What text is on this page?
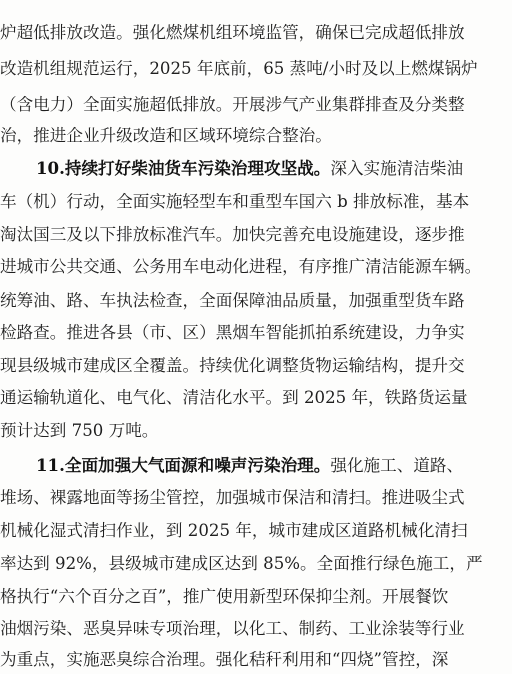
炉超低排放改造。强化燃煤机组环境监管，确保已完成超低排放
改造机组规范运行，2025 年底前，65 蒸吨/小时及以上燃煤锅炉
（含电力）全面实施超低排放。开展涉气产业集群排查及分类整
治，推进企业升级改造和区域环境综合整治。
10.持续打好柴油货车污染治理攻坚战。深入实施清洁柴油
车（机）行动，全面实施轻型车和重型车国六 b 排放标准，基本
淘汰国三及以下排放标准汽车。加快完善充电设施建设，逐步推
进城市公共交通、公务用车电动化进程，有序推广清洁能源车辆。
统筹油、路、车执法检查，全面保障油品质量，加强重型货车路
检路查。推进各县（市、区）黑烟车智能抓拍系统建设，力争实
现县级城市建成区全覆盖。持续优化调整货物运输结构，提升交
通运输轨道化、电气化、清洁化水平。到 2025 年，铁路货运量
预计达到 750 万吨。
11.全面加强大气面源和噪声污染治理。强化施工、道路、
堆场、裸露地面等扬尘管控，加强城市保洁和清扫。推进吸尘式
机械化湿式清扫作业，到 2025 年，城市建成区道路机械化清扫
率达到 92%，县级城市建成区达到 85%。全面推行绿色施工，严
格执行“六个百分之百”，推广使用新型环保抑尘剂。开展餐饮
油烟污染、恶臭异味专项治理，以化工、制药、工业涂装等行业
为重点，实施恶臭综合治理。强化秸秆利用和“四烧”管控，深
